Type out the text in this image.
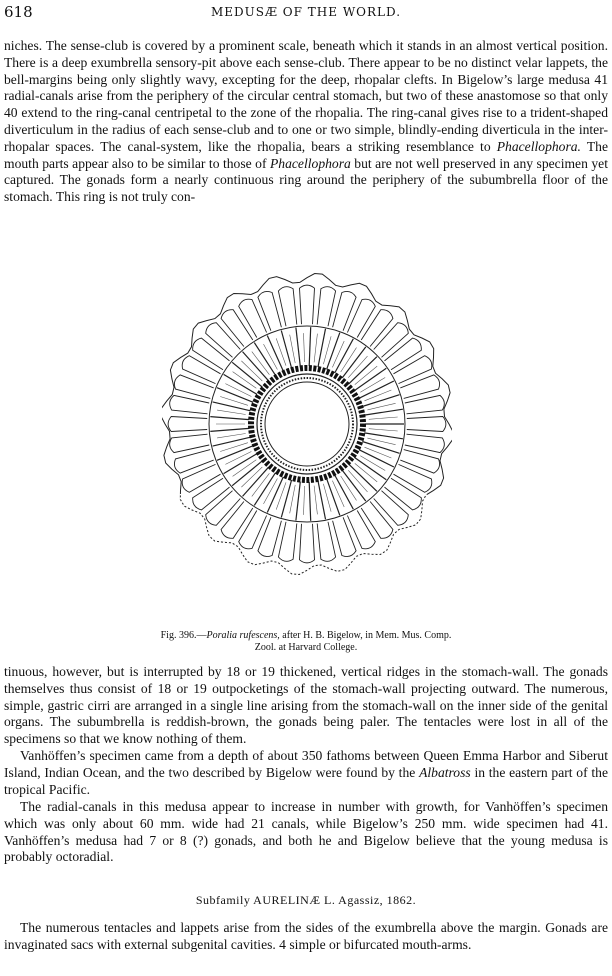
618	MEDUSÆ OF THE WORLD.
niches. The sense-club is covered by a prominent scale, beneath which it stands in an almost vertical position. There is a deep exumbrella sensory-pit above each sense-club. There appear to be no distinct velar lappets, the bell-margins being only slightly wavy, excepting for the deep, rhopalar clefts. In Bigelow’s large medusa 41 radial-canals arise from the periphery of the circular central stomach, but two of these anastomose so that only 40 extend to the ring-canal centripetal to the zone of the rhopalia. The ring-canal gives rise to a trident-shaped diverticulum in the radius of each sense-club and to one or two simple, blindly-ending diverticula in the inter-rhopalar spaces. The canal-system, like the rhopalia, bears a striking resemblance to Phacellophora. The mouth parts appear also to be similar to those of Phacellophora but are not well preserved in any specimen yet captured. The gonads form a nearly continuous ring around the periphery of the subumbrella floor of the stomach. This ring is not truly con-
Fig. 396.—Poralia rufescens, after H. B. Bigelow, in Mem. Mus. Comp.
Zool. at Harvard College.
tinuous, however, but is interrupted by 18 or 19 thickened, vertical ridges in the stomach-wall. The gonads themselves thus consist of 18 or 19 outpocketings of the stomach-wall projecting outward. The numerous, simple, gastric cirri are arranged in a single line arising from the stomach-wall on the inner side of the genital organs. The subumbrella is reddish-brown, the gonads being paler. The tentacles were lost in all of the specimens so that we know nothing of them.
Vanhöffen’s specimen came from a depth of about 350 fathoms between Queen Emma Harbor and Siberut Island, Indian Ocean, and the two described by Bigelow were found by the Albatross in the eastern part of the tropical Pacific.
The radial-canals in this medusa appear to increase in number with growth, for Vanhöffen’s specimen which was only about 60 mm. wide had 21 canals, while Bigelow’s 250 mm. wide specimen had 41. Vanhöffen’s medusa had 7 or 8 (?) gonads, and both he and Bigelow believe that the young medusa is probably octoradial.
Subfamily AURELINÆ L. Agassiz, 1862.
The numerous tentacles and lappets arise from the sides of the exumbrella above the margin. Gonads are invaginated sacs with external subgenital cavities. 4 simple or bifurcated mouth-arms.
